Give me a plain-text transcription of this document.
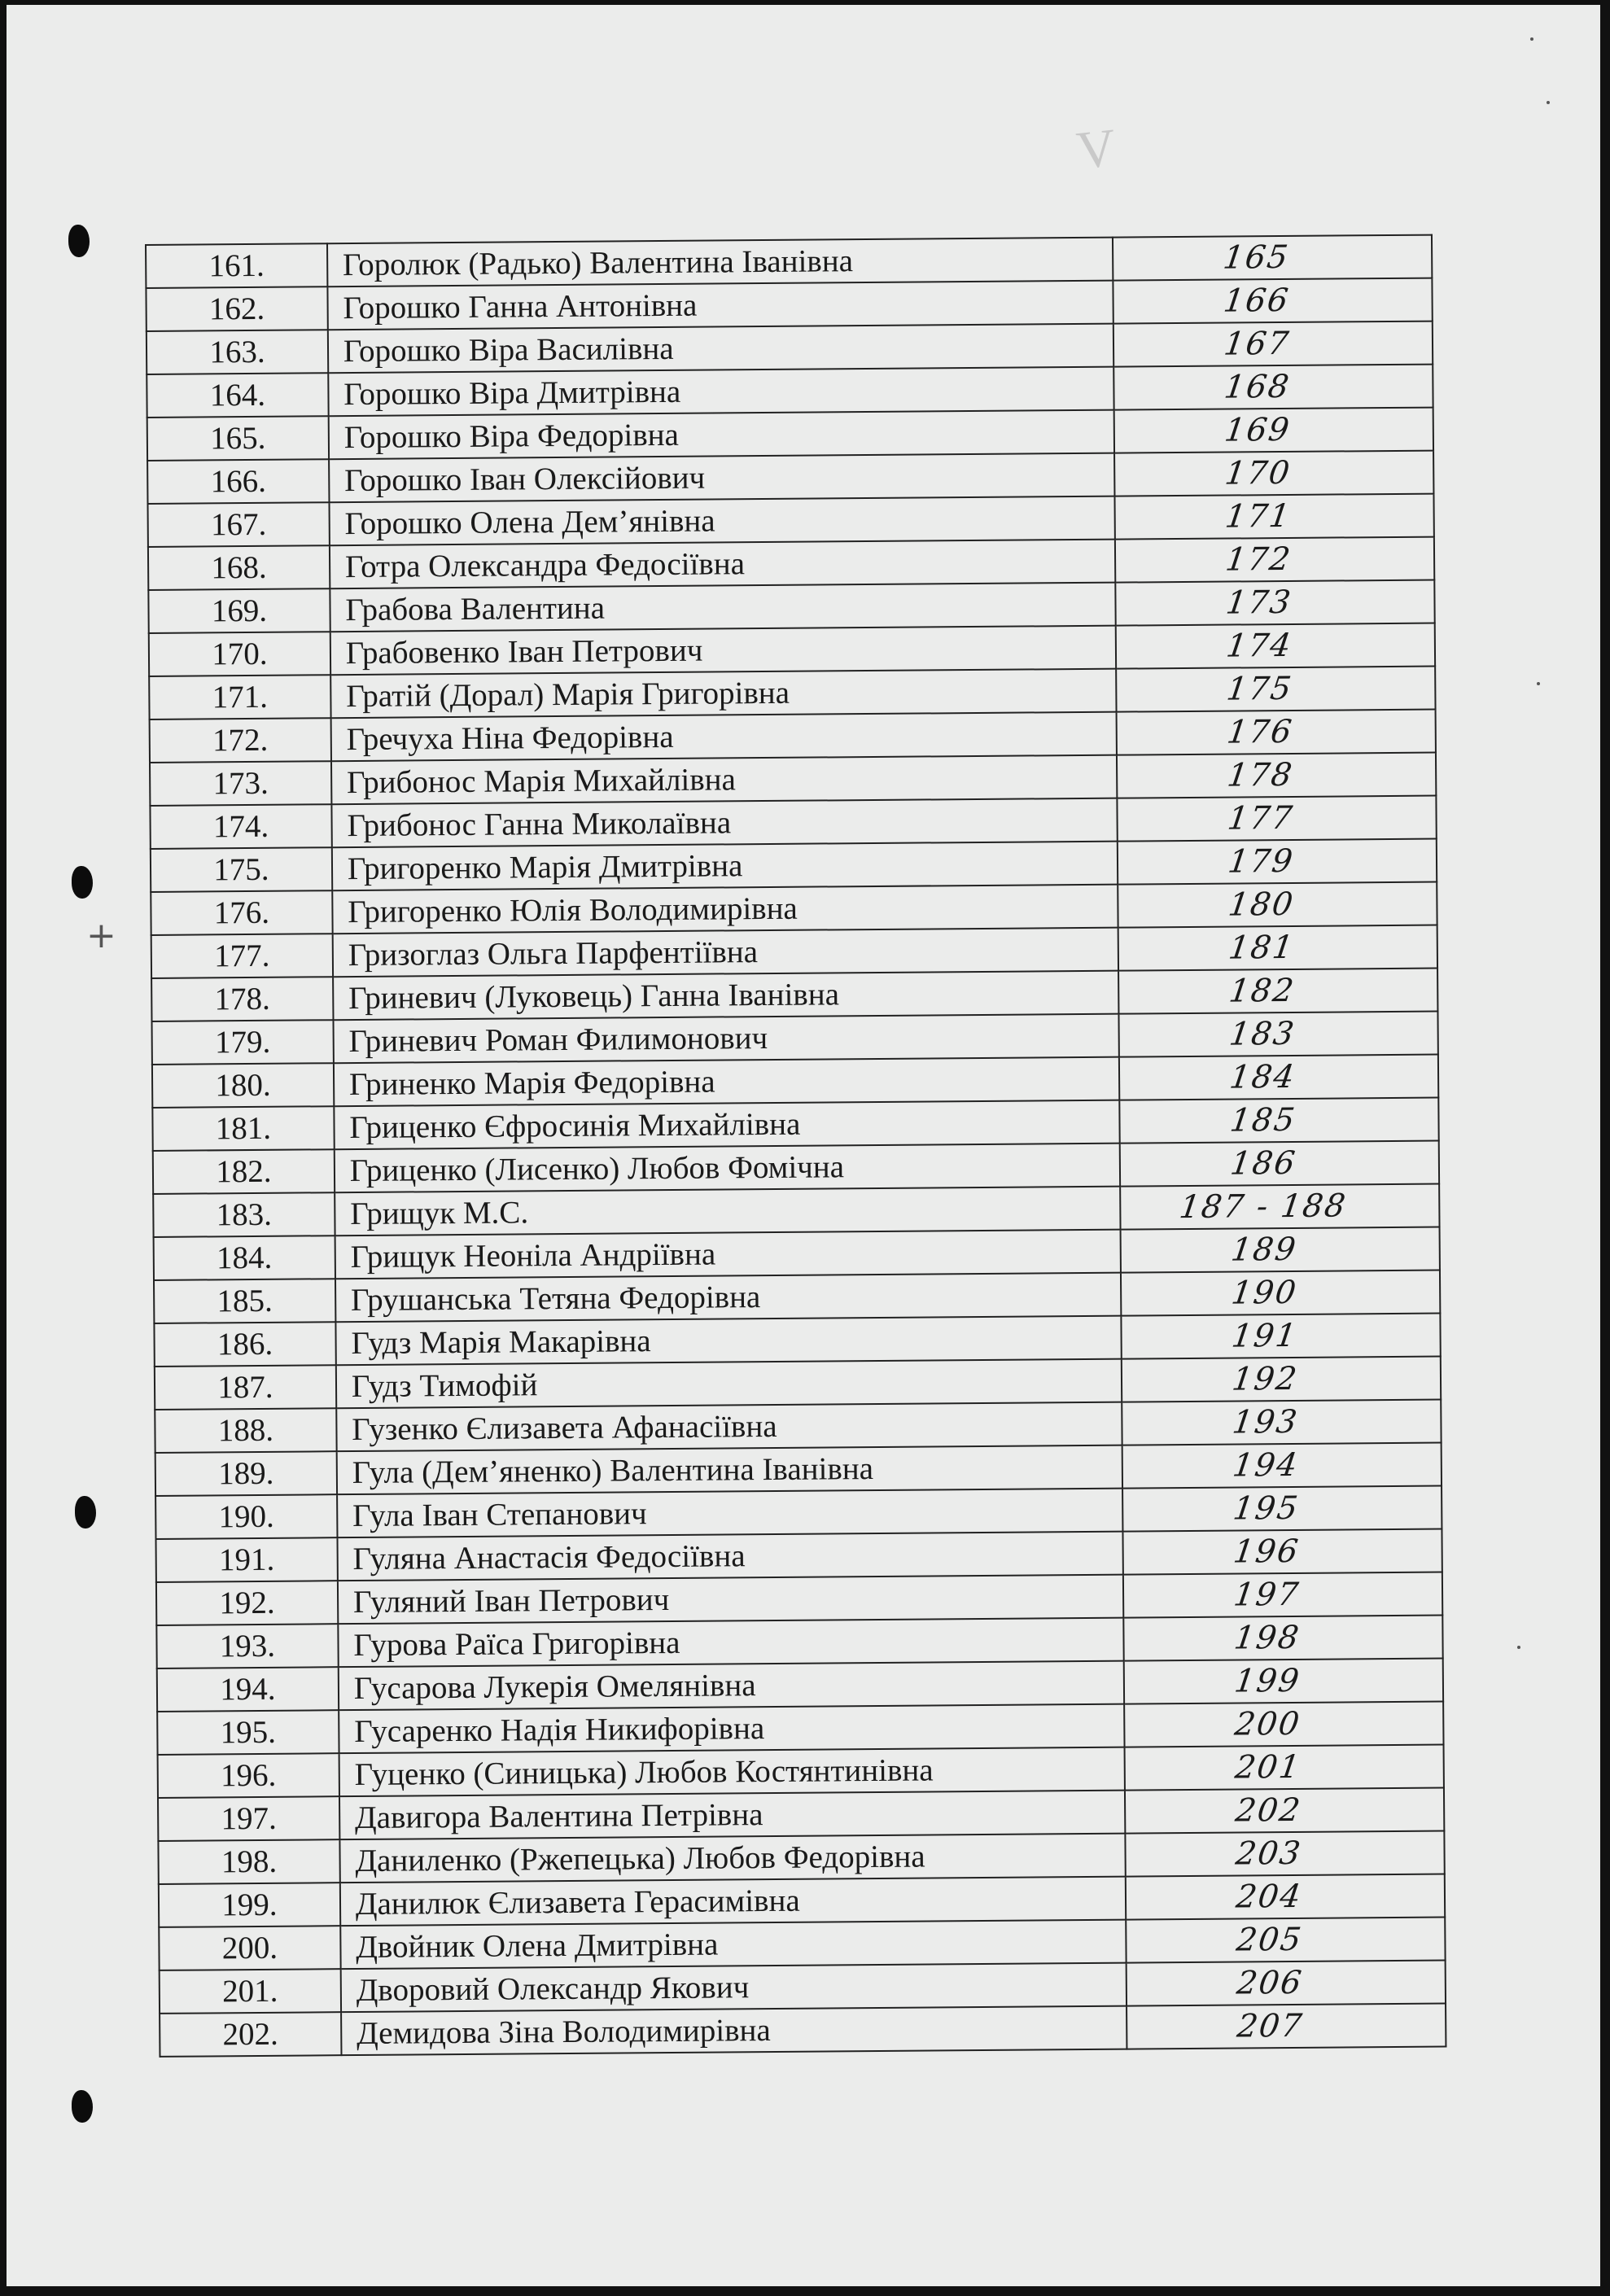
V
+
161.	Горолюк (Радько) Валентина Іванівна	165
162.	Горошко Ганна Антонівна	166
163.	Горошко Віра Василівна	167
164.	Горошко Віра Дмитрівна	168
165.	Горошко Віра Федорівна	169
166.	Горошко Іван Олексійович	170
167.	Горошко Олена Дем’янівна	171
168.	Готра Олександра Федосіївна	172
169.	Грабова Валентина	173
170.	Грабовенко Іван Петрович	174
171.	Гратій (Дорал) Марія Григорівна	175
172.	Гречуха Ніна Федорівна	176
173.	Грибонос Марія Михайлівна	178
174.	Грибонос Ганна Миколаївна	177
175.	Григоренко Марія Дмитрівна	179
176.	Григоренко Юлія Володимирівна	180
177.	Гризоглаз Ольга Парфентіївна	181
178.	Гриневич (Луковець) Ганна Іванівна	182
179.	Гриневич Роман Филимонович	183
180.	Гриненко Марія Федорівна	184
181.	Гриценко Єфросинія Михайлівна	185
182.	Гриценко (Лисенко) Любов Фомічна	186
183.	Грищук М.С.	187 - 188
184.	Грищук Неоніла Андріївна	189
185.	Грушанська Тетяна Федорівна	190
186.	Гудз Марія Макарівна	191
187.	Гудз Тимофій	192
188.	Гузенко Єлизавета Афанасіївна	193
189.	Гула (Дем’яненко) Валентина Іванівна	194
190.	Гула Іван Степанович	195
191.	Гуляна Анастасія Федосіївна	196
192.	Гуляний Іван Петрович	197
193.	Гурова Раїса Григорівна	198
194.	Гусарова Лукерія Омелянівна	199
195.	Гусаренко Надія Никифорівна	200
196.	Гуценко (Синицька) Любов Костянтинівна	201
197.	Давигора Валентина Петрівна	202
198.	Даниленко (Ржепецька) Любов Федорівна	203
199.	Данилюк Єлизавета Герасимівна	204
200.	Двойник Олена Дмитрівна	205
201.	Дворовий Олександр Якович	206
202.	Демидова Зіна Володимирівна	207
